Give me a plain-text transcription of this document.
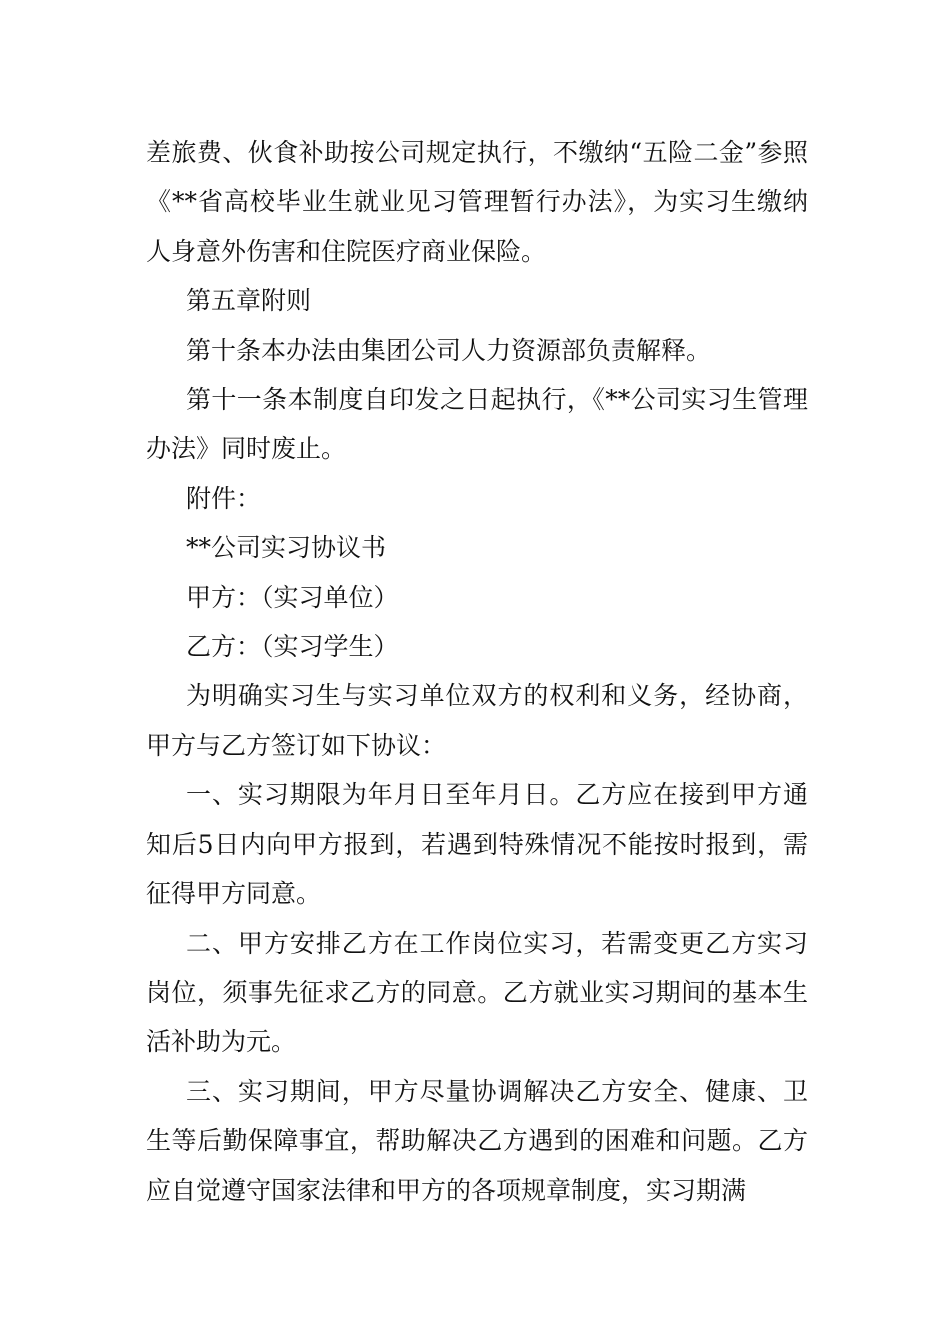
差旅费、伙食补助按公司规定执行，不缴纳“五险二金”参照《**省高校毕业生就业见习管理暂行办法》，为实习生缴纳人身意外伤害和住院医疗商业保险。

第五章附则

第十条本办法由集团公司人力资源部负责解释。

第十一条本制度自印发之日起执行，《**公司实习生管理办法》同时废止。

附件：

**公司实习协议书

甲方：（实习单位）

乙方：（实习学生）

为明确实习生与实习单位双方的权利和义务，经协商，甲方与乙方签订如下协议：

一、实习期限为年月日至年月日。乙方应在接到甲方通知后5日内向甲方报到，若遇到特殊情况不能按时报到，需征得甲方同意。

二、甲方安排乙方在工作岗位实习，若需变更乙方实习岗位，须事先征求乙方的同意。乙方就业实习期间的基本生活补助为元。

三、实习期间，甲方尽量协调解决乙方安全、健康、卫生等后勤保障事宜，帮助解决乙方遇到的困难和问题。乙方应自觉遵守国家法律和甲方的各项规章制度，实习期满
